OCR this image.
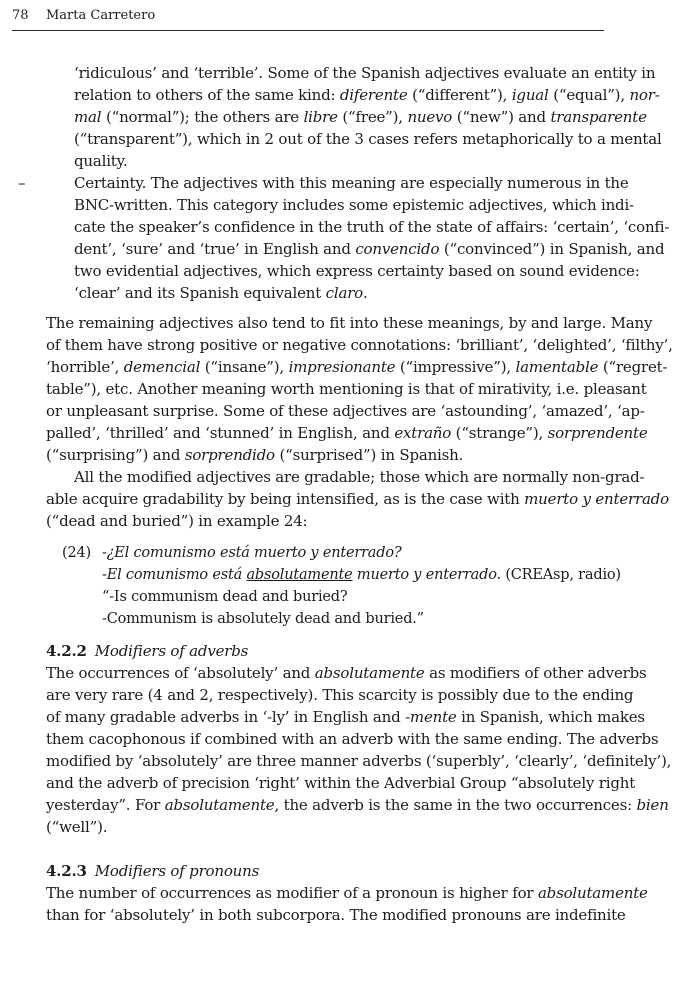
78 Marta Carretero
‘ridiculous’ and ‘terrible’. Some of the Spanish adjectives evaluate an entity in
relation to others of the same kind: diferente (“different”), igual (“equal”), nor-
mal (“normal”); the others are libre (“free”), nuevo (“new”) and transparente
(“transparent”), which in 2 out of the 3 cases refers metaphorically to a mental
quality.
–	Certainty. The adjectives with this meaning are especially numerous in the
BNC-written. This category includes some epistemic adjectives, which indi-
cate the speaker’s confidence in the truth of the state of affairs: ‘certain’, ‘confi-
dent’, ‘sure’ and ‘true’ in English and convencido (“convinced”) in Spanish, and
two evidential adjectives, which express certainty based on sound evidence:
‘clear’ and its Spanish equivalent claro.
The remaining adjectives also tend to fit into these meanings, by and large. Many
of them have strong positive or negative connotations: ‘brilliant’, ‘delighted’, ‘filthy’,
‘horrible’, demencial (“insane”), impresionante (“impressive”), lamentable (“regret-
table”), etc. Another meaning worth mentioning is that of mirativity, i.e. pleasant
or unpleasant surprise. Some of these adjectives are ‘astounding’, ‘amazed’, ‘ap-
palled’, ‘thrilled’ and ‘stunned’ in English, and extraño (“strange”), sorprendente
(“surprising”) and sorprendido (“surprised”) in Spanish.
All the modified adjectives are gradable; those which are normally non-grad-
able acquire gradability by being intensified, as is the case with muerto y enterrado
(“dead and buried”) in example 24:
(24) -¿El comunismo está muerto y enterrado?
-El comunismo está absolutamente muerto y enterrado. (CREAsp, radio)
“-Is communism dead and buried?
-Communism is absolutely dead and buried.”
4.2.2 Modifiers of adverbs
The occurrences of ‘absolutely’ and absolutamente as modifiers of other adverbs
are very rare (4 and 2, respectively). This scarcity is possibly due to the ending
of many gradable adverbs in ‘-ly’ in English and -mente in Spanish, which makes
them cacophonous if combined with an adverb with the same ending. The adverbs
modified by ‘absolutely’ are three manner adverbs (‘superbly’, ‘clearly’, ‘definitely’),
and the adverb of precision ‘right’ within the Adverbial Group “absolutely right
yesterday”. For absolutamente, the adverb is the same in the two occurrences: bien
(“well”).
4.2.3 Modifiers of pronouns
The number of occurrences as modifier of a pronoun is higher for absolutamente
than for ‘absolutely’ in both subcorpora. The modified pronouns are indefinite
